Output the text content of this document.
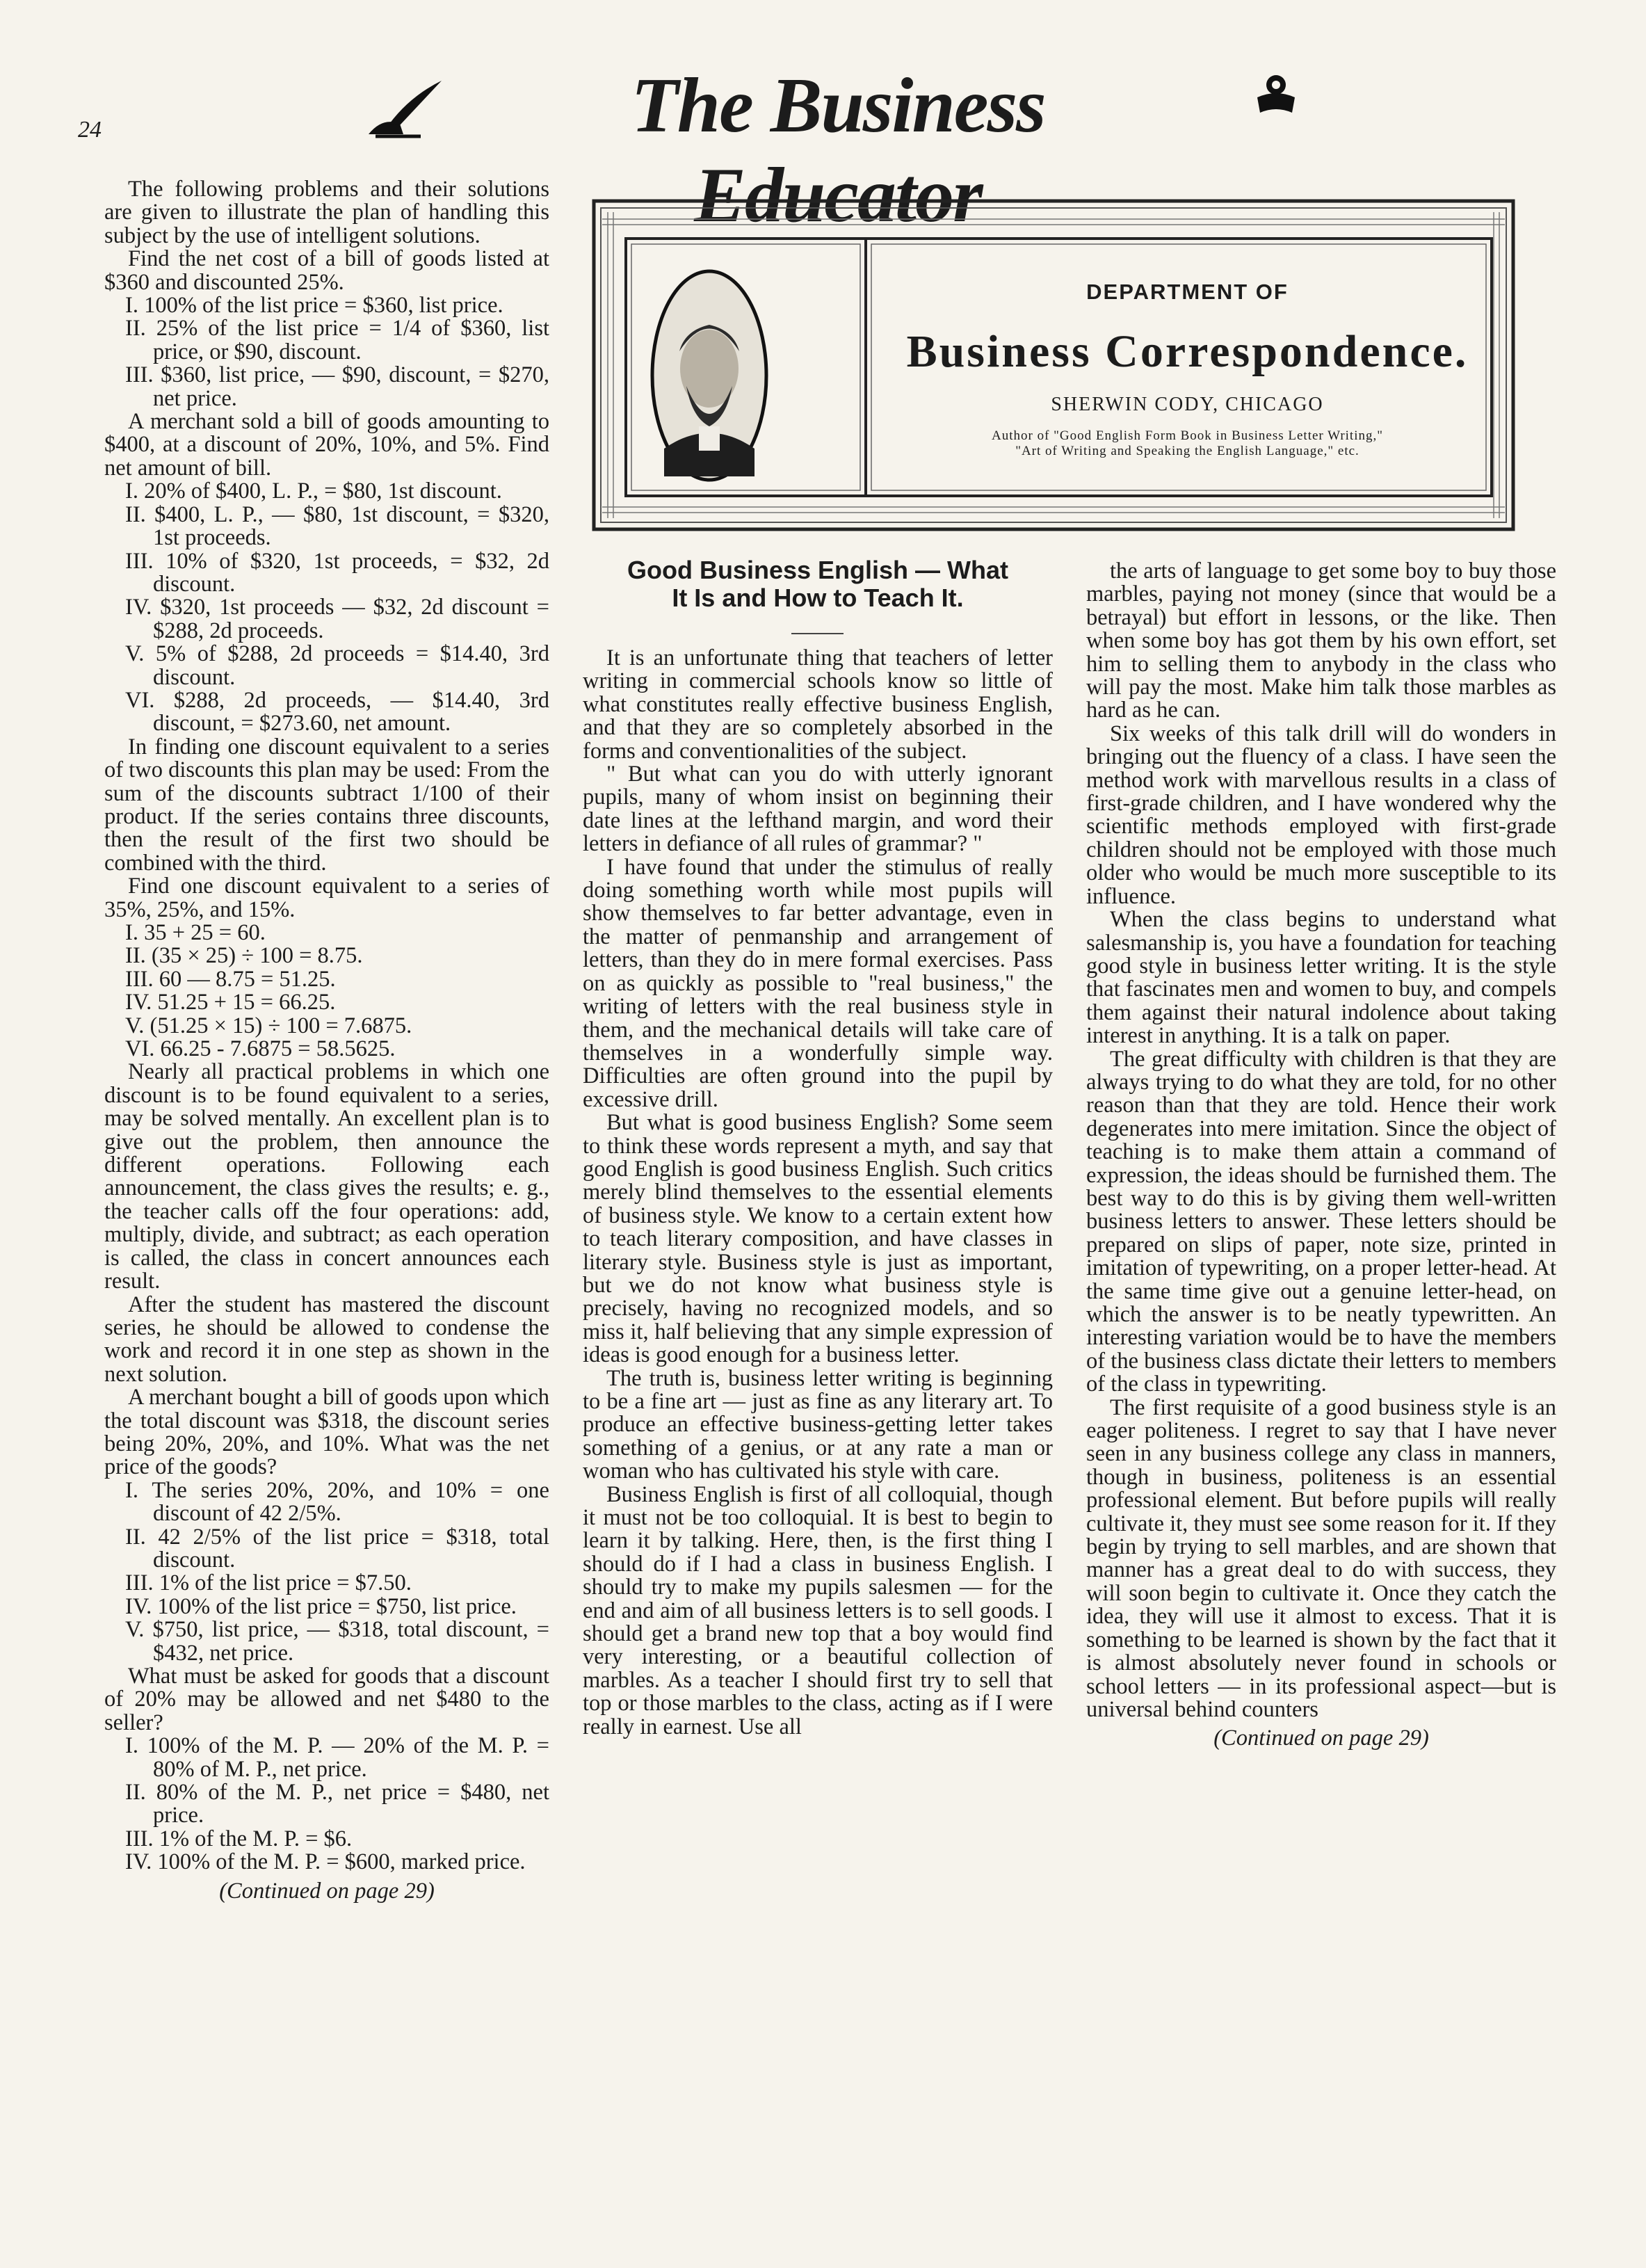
24	The Business Educator

The following problems and their solutions are given to illustrate the plan of handling this subject by the use of intelligent solutions.

Find the net cost of a bill of goods listed at $360 and discounted 25%.

I. 100% of the list price = $360, list price.

II. 25% of the list price = 1/4 of $360, list price, or $90, discount.

III. $360, list price, — $90, discount, = $270, net price.

A merchant sold a bill of goods amounting to $400, at a discount of 20%, 10%, and 5%. Find net amount of bill.

I. 20% of $400, L. P., = $80, 1st discount.

II. $400, L. P., — $80, 1st discount, = $320, 1st proceeds.

III. 10% of $320, 1st proceeds, = $32, 2d discount.

IV. $320, 1st proceeds — $32, 2d discount = $288, 2d proceeds.

V. 5% of $288, 2d proceeds = $14.40, 3rd discount.

VI. $288, 2d proceeds, — $14.40, 3rd discount, = $273.60, net amount.

In finding one discount equivalent to a series of two discounts this plan may be used: From the sum of the discounts subtract 1/100 of their product. If the series contains three discounts, then the result of the first two should be combined with the third.

Find one discount equivalent to a series of 35%, 25%, and 15%.

I. 35 + 25 = 60.

II. (35 × 25) ÷ 100 = 8.75.

III. 60 — 8.75 = 51.25.

IV. 51.25 + 15 = 66.25.

V. (51.25 × 15) ÷ 100 = 7.6875.

VI. 66.25 - 7.6875 = 58.5625.

Nearly all practical problems in which one discount is to be found equivalent to a series, may be solved mentally. An excellent plan is to give out the problem, then announce the different operations. Following each announcement, the class gives the results; e. g., the teacher calls off the four operations: add, multiply, divide, and subtract; as each operation is called, the class in concert announces each result.

After the student has mastered the discount series, he should be allowed to condense the work and record it in one step as shown in the next solution.

A merchant bought a bill of goods upon which the total discount was $318, the discount series being 20%, 20%, and 10%. What was the net price of the goods?

I. The series 20%, 20%, and 10% = one discount of 42 2/5%.

II. 42 2/5% of the list price = $318, total discount.

III. 1% of the list price = $7.50.

IV. 100% of the list price = $750, list price.

V. $750, list price, — $318, total discount, = $432, net price.

What must be asked for goods that a discount of 20% may be allowed and net $480 to the seller?

I. 100% of the M. P. — 20% of the M. P. = 80% of M. P., net price.

II. 80% of the M. P., net price = $480, net price.

III. 1% of the M. P. = $6.

IV. 100% of the M. P. = $600, marked price.

(Continued on page 29)

DEPARTMENT OF
Business Correspondence.
SHERWIN CODY, CHICAGO
Author of "Good English Form Book in Business Letter Writing,"
"Art of Writing and Speaking the English Language," etc.
Good Business English — What
It Is and How to Teach It.

It is an unfortunate thing that teachers of letter writing in commercial schools know so little of what constitutes really effective business English, and that they are so completely absorbed in the forms and conventionalities of the subject.

" But what can you do with utterly ignorant pupils, many of whom insist on beginning their date lines at the lefthand margin, and word their letters in defiance of all rules of grammar? "

I have found that under the stimulus of really doing something worth while most pupils will show themselves to far better advantage, even in the matter of penmanship and arrangement of letters, than they do in mere formal exercises. Pass on as quickly as possible to "real business," the writing of letters with the real business style in them, and the mechanical details will take care of themselves in a wonderfully simple way. Difficulties are often ground into the pupil by excessive drill.

But what is good business English? Some seem to think these words represent a myth, and say that good English is good business English. Such critics merely blind themselves to the essential elements of business style. We know to a certain extent how to teach literary composition, and have classes in literary style. Business style is just as important, but we do not know what business style is precisely, having no recognized models, and so miss it, half believing that any simple expression of ideas is good enough for a business letter.

The truth is, business letter writing is beginning to be a fine art — just as fine as any literary art. To produce an effective business-getting letter takes something of a genius, or at any rate a man or woman who has cultivated his style with care.

Business English is first of all colloquial, though it must not be too colloquial. It is best to begin to learn it by talking. Here, then, is the first thing I should do if I had a class in business English. I should try to make my pupils salesmen — for the end and aim of all business letters is to sell goods. I should get a brand new top that a boy would find very interesting, or a beautiful collection of marbles. As a teacher I should first try to sell that top or those marbles to the class, acting as if I were really in earnest. Use all

the arts of language to get some boy to buy those marbles, paying not money (since that would be a betrayal) but effort in lessons, or the like. Then when some boy has got them by his own effort, set him to selling them to anybody in the class who will pay the most. Make him talk those marbles as hard as he can.

Six weeks of this talk drill will do wonders in bringing out the fluency of a class. I have seen the method work with marvellous results in a class of first-grade children, and I have wondered why the scientific methods employed with first-grade children should not be employed with those much older who would be much more susceptible to its influence.

When the class begins to understand what salesmanship is, you have a foundation for teaching good style in business letter writing. It is the style that fascinates men and women to buy, and compels them against their natural indolence about taking interest in anything. It is a talk on paper.

The great difficulty with children is that they are always trying to do what they are told, for no other reason than that they are told. Hence their work degenerates into mere imitation. Since the object of teaching is to make them attain a command of expression, the ideas should be furnished them. The best way to do this is by giving them well-written business letters to answer. These letters should be prepared on slips of paper, note size, printed in imitation of typewriting, on a proper letter-head. At the same time give out a genuine letter-head, on which the answer is to be neatly typewritten. An interesting variation would be to have the members of the business class dictate their letters to members of the class in typewriting.

The first requisite of a good business style is an eager politeness. I regret to say that I have never seen in any business college any class in manners, though in business, politeness is an essential professional element. But before pupils will really cultivate it, they must see some reason for it. If they begin by trying to sell marbles, and are shown that manner has a great deal to do with success, they will soon begin to cultivate it. Once they catch the idea, they will use it almost to excess. That it is something to be learned is shown by the fact that it is almost absolutely never found in schools or school letters — in its professional aspect—but is universal behind counters

(Continued on page 29)
